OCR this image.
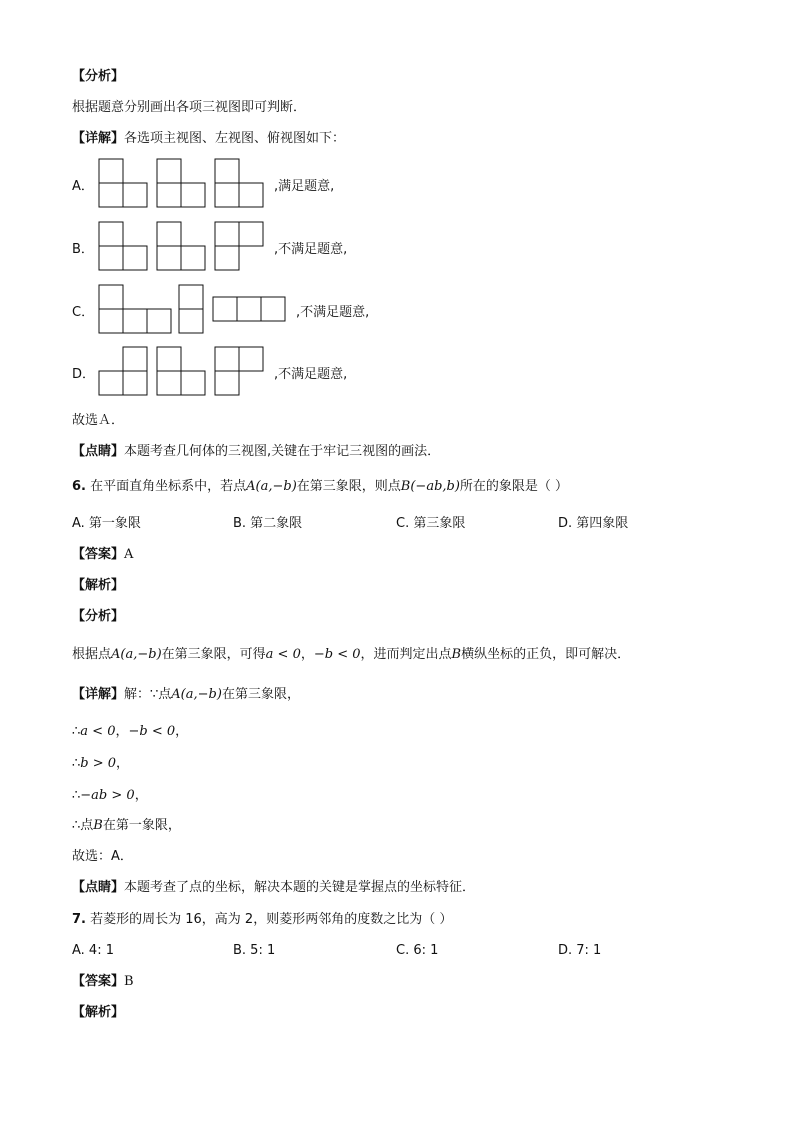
【分析】
根据题意分别画出各项三视图即可判断．
【详解】各选项主视图、左视图、俯视图如下：
A．	,满足题意,
B．	,不满足题意,
C．	,不满足题意,
D．	,不满足题意,
故选Ａ．
【点睛】本题考查几何体的三视图,关键在于牢记三视图的画法．
6. 在平面直角坐标系中，若点A(a,−b)在第三象限，则点B(−ab,b)所在的象限是（ ）
A. 第一象限	B. 第二象限	C. 第三象限	D. 第四象限
【答案】A
【解析】
【分析】
根据点A(a,−b)在第三象限，可得a < 0，−b < 0，进而判定出点B横纵坐标的正负，即可解决．
【详解】解：∵点A(a,−b)在第三象限，
∴a < 0，−b < 0，
∴b > 0，
∴−ab > 0，
∴点B在第一象限，
故选：A．
【点睛】本题考查了点的坐标，解决本题的关键是掌握点的坐标特征．
7. 若菱形的周长为 16，高为 2，则菱形两邻角的度数之比为（ ）
A. 4: 1	B. 5: 1	C. 6: 1	D. 7: 1
【答案】B
【解析】
